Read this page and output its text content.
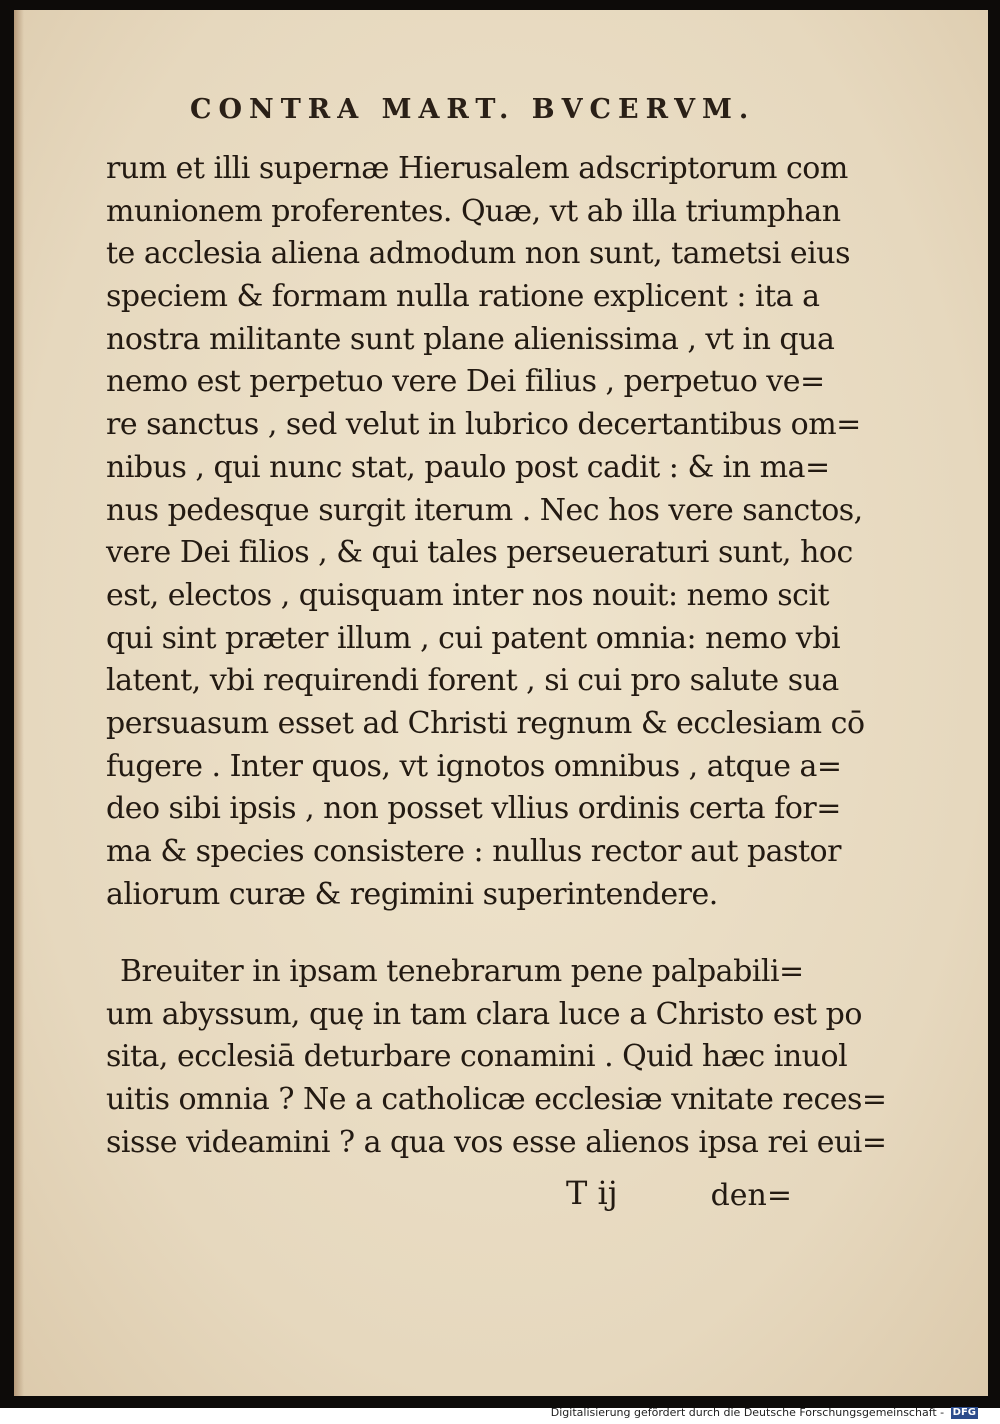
CONTRA MART. BVCERVM.
rum et illi supernæ Hierusalem adscriptorum com
munionem proferentes. Quæ, vt ab illa triumphan
te acclesia aliena admodum non sunt, tametsi eius
speciem & formam nulla ratione explicent : ita a
nostra militante sunt plane alienissima , vt in qua
nemo est perpetuo vere Dei filius , perpetuo ve=
re sanctus , sed velut in lubrico decertantibus om=
nibus , qui nunc stat, paulo post cadit : & in ma=
nus pedesque surgit iterum . Nec hos vere sanctos,
vere Dei filios , & qui tales perseueraturi sunt, hoc
est, electos , quisquam inter nos nouit: nemo scit
qui sint præter illum , cui patent omnia: nemo vbi
latent, vbi requirendi forent , si cui pro salute sua
persuasum esset ad Christi regnum & ecclesiam cō
fugere . Inter quos, vt ignotos omnibus , atque a=
deo sibi ipsis , non posset vllius ordinis certa for=
ma & species consistere : nullus rector aut pastor
aliorum curæ & regimini superintendere.
Breuiter in ipsam tenebrarum pene palpabili=
um abyssum, quę in tam clara luce a Christo est po
sita, ecclesiā deturbare conamini . Quid hæc inuol
uitis omnia ? Ne a catholicæ ecclesiæ vnitate reces=
sisse videamini ? a qua vos esse alienos ipsa rei eui=
T ij	den=
Digitalisierung gefördert durch die Deutsche Forschungsgemeinschaft - DFG
